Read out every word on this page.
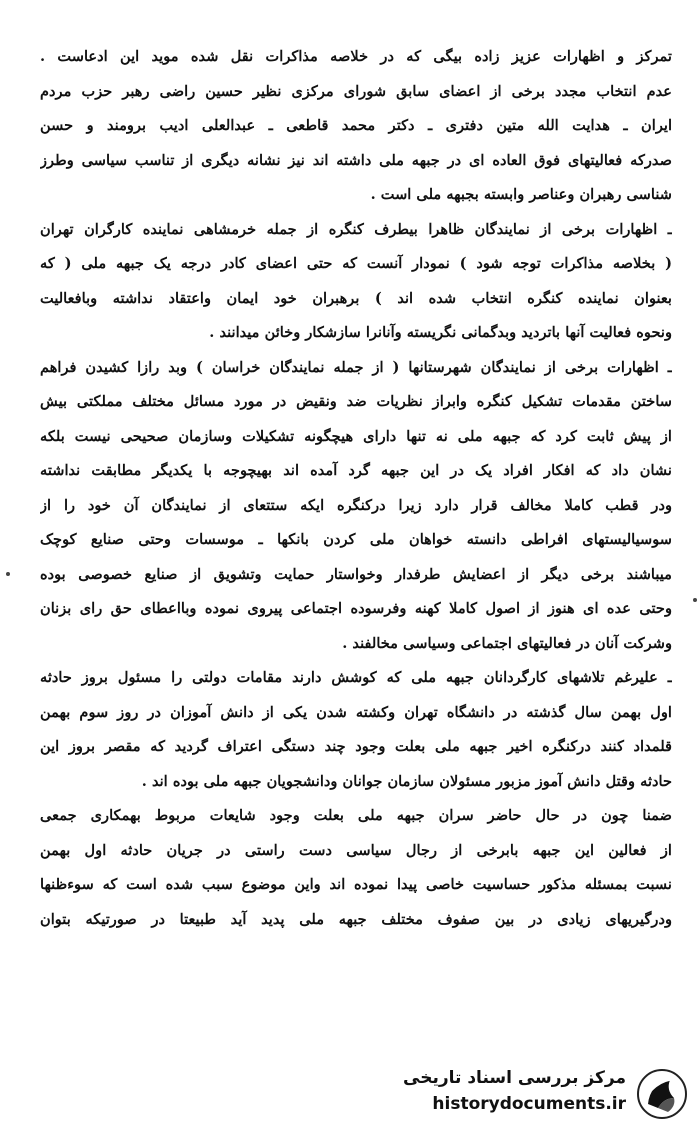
تمرکز و اظهارات عزیز زاده بیگی که در خلاصه مذاکرات نقل شده موید این ادعاست .
عدم انتخاب مجدد برخی از اعضای سابق شورای مرکزی نظیر حسین راضی رهبر حزب مردم
ایران ـ هدایت الله متین دفتری ـ دکتر محمد قاطعی ـ عبدالعلی ادیب برومند و حسن
صدرکه فعالیتهای فوق العاده ای در جبهه ملی داشته اند نیز نشانه دیگری از تناسب سیاسی وطرز
شناسی رهبران وعناصر وابسته بجبهه ملی است .
ـ اظهارات برخی از نمایندگان ظاهرا بیطرف کنگره از جمله خرمشاهی نماینده کارگران تهران
( بخلاصه مذاکرات توجه شود ) نمودار آنست که حتی اعضای کادر درجه یک جبهه ملی ( که
بعنوان نماینده کنگره انتخاب شده اند ) برهبران خود ایمان واعتقاد نداشته وبافعالیت
ونحوه فعالیت آنها باتردید وبدگمانی نگریسته وآنانرا سازشکار وخائن میدانند .
ـ اظهارات برخی از نمایندگان شهرستانها ( از جمله نمایندگان خراسان ) وبد رازا کشیدن فراهم
ساختن مقدمات تشکیل کنگره وابراز نظریات ضد ونقیض در مورد مسائل مختلف مملکتی بیش
از پیش ثابت کرد که جبهه ملی نه تنها دارای هیچگونه تشکیلات وسازمان صحیحی نیست بلکه
نشان داد که افکار افراد یک در این جبهه گرد آمده اند بهیچوجه با یکدیگر مطابقت نداشته
ودر قطب کاملا مخالف قرار دارد زیرا درکنگره ایکه ستتعای از نمایندگان آن خود را از
سوسیالیستهای افراطی دانسته خواهان ملی کردن بانکها ـ موسسات وحتی صنایع کوچک
میباشند برخی دیگر از اعضایش طرفدار وخواستار حمایت وتشویق از صنایع خصوصی بوده
وحتی عده ای هنوز از اصول کاملا کهنه وفرسوده اجتماعی پیروی نموده وبااعطای حق رای بزنان
وشرکت آنان در فعالیتهای اجتماعی وسیاسی مخالفند .
ـ علیرغم تلاشهای کارگردانان جبهه ملی که کوشش دارند مقامات دولتی را مسئول بروز حادثه
اول بهمن سال گذشته در دانشگاه تهران وکشته شدن یکی از دانش آموزان در روز سوم بهمن
قلمداد کنند درکنگره اخیر جبهه ملی بعلت وجود چند دستگی اعتراف گردید که مقصر بروز این
حادثه وقتل دانش آموز مزبور مسئولان سازمان جوانان ودانشجویان جبهه ملی بوده اند .
ضمنا چون در حال حاضر سران جبهه ملی بعلت وجود شایعات مربوط بهمکاری جمعی
از فعالین این جبهه بابرخی از رجال سیاسی دست راستی در جریان حادثه اول بهمن
نسبت بمسئله مذکور حساسیت خاصی پیدا نموده اند واین موضوع سبب شده است که سوءظنها
ودرگیریهای زیادی در بین صفوف مختلف جبهه ملی پدید آید طبیعتا در صورتیکه بتوان
مرکز بررسی اسناد تاریخی
historydocuments.ir
